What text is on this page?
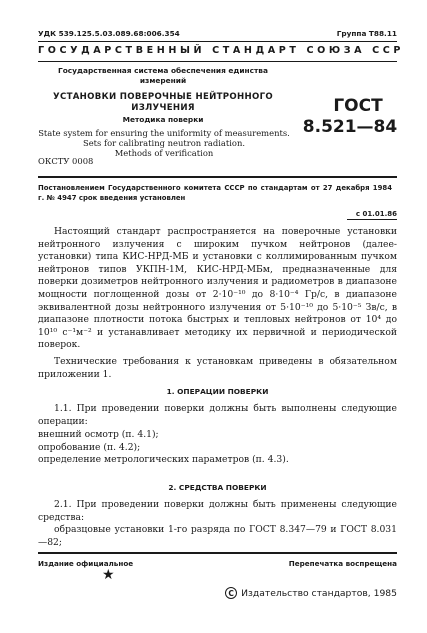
УДК 539.125.5.03.089.68:006.354	Группа Т88.11
ГОСУДАРСТВЕННЫЙ СТАНДАРТ СОЮЗА ССР
Государственная система обеспечения единства
измерений
УСТАНОВКИ ПОВЕРОЧНЫЕ НЕЙТРОННОГО
ИЗЛУЧЕНИЯ
Методика поверки
State system for ensuring the uniformity of measurements.
Sets for calibrating neutron radiation.
Methods of verification
ГОСТ
8.521—84
ОКСТУ 0008
Постановлением Государственного комитета СССР по стандартам от 27 декабря 1984 г. № 4947 срок введения установлен
с 01.01.86
Настоящий стандарт распространяется на поверочные установки нейтронного излучения с широким пучком нейтронов (далее- установки) типа КИС-НРД-МБ и установки с коллимированным пучком нейтронов типов УКПН-1М, КИС-НРД-МБм, предназначенные для поверки дозиметров нейтронного излучения и радиометров в диапазоне мощности поглощенной дозы от 2·10⁻¹⁰ до 8·10⁻⁴ Гр/с, в диапазоне эквивалентной дозы нейтронного излучения от 5·10⁻¹⁰ до 5·10⁻⁵ Зв/с, в диапазоне плотности потока быстрых и тепловых нейтронов от 10⁴ до 10¹⁰ с⁻¹м⁻² и устанавливает методику их первичной и периодической поверок.
Технические требования к установкам приведены в обязательном приложении 1.
1. ОПЕРАЦИИ ПОВЕРКИ
1.1. При проведении поверки должны быть выполнены следующие операции:
внешний осмотр (п. 4.1);
опробование (п. 4.2);
определение метрологических параметров (п. 4.3).
2. СРЕДСТВА ПОВЕРКИ
2.1. При проведении поверки должны быть применены следующие средства:
образцовые установки 1-го разряда по ГОСТ 8.347—79 и ГОСТ 8.031—82;
Издание официальное	Перепечатка воспрещена
★
С Издательство стандартов, 1985
